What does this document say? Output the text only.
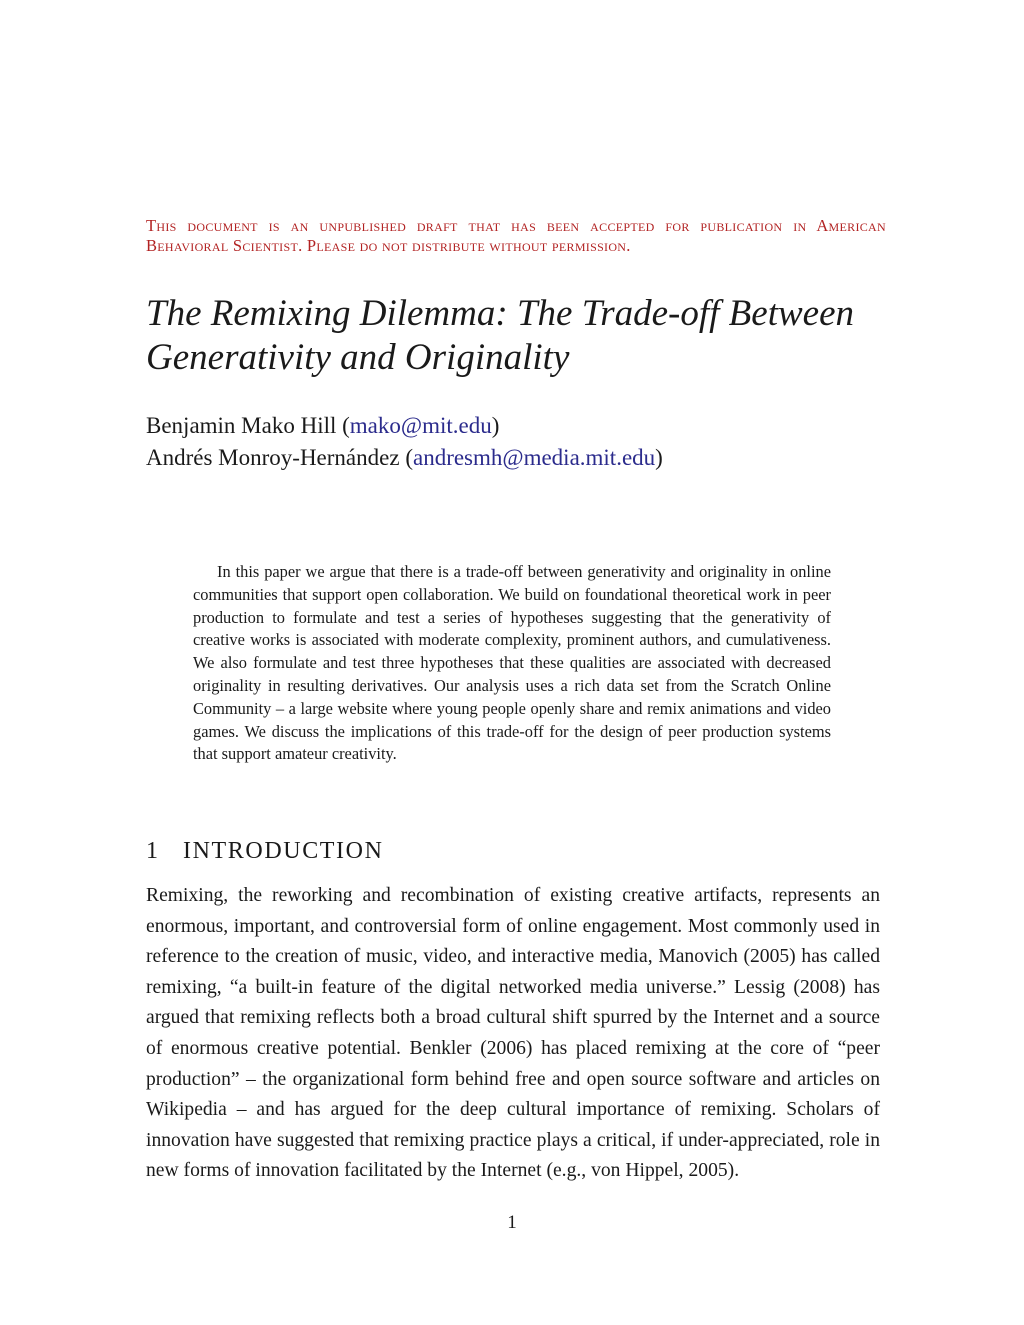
This document is an unpublished draft that has been accepted for publication in American Behavioral Scientist. Please do not distribute without permission.
The Remixing Dilemma: The Trade-off Between
Generativity and Originality
Benjamin Mako Hill (mako@mit.edu)
Andrés Monroy-Hernández (andresmh@media.mit.edu)
In this paper we argue that there is a trade-off between generativity and originality in online communities that support open collaboration. We build on foundational theoretical work in peer production to formulate and test a series of hypotheses suggesting that the generativity of creative works is associated with moderate complexity, prominent authors, and cumulativeness. We also formulate and test three hypotheses that these qualities are associated with decreased originality in resulting derivatives. Our analysis uses a rich data set from the Scratch Online Community – a large website where young people openly share and remix animations and video games. We discuss the implications of this trade-off for the design of peer production systems that support amateur creativity.
1 INTRODUCTION
Remixing, the reworking and recombination of existing creative artifacts, represents an enormous, important, and controversial form of online engagement. Most commonly used in reference to the creation of music, video, and interactive media, Manovich (2005) has called remixing, “a built-in feature of the digital networked media universe.” Lessig (2008) has argued that remixing reflects both a broad cultural shift spurred by the Internet and a source of enormous creative potential. Benkler (2006) has placed remixing at the core of “peer production” – the organizational form behind free and open source software and articles on Wikipedia – and has argued for the deep cultural importance of remixing. Scholars of innovation have suggested that remixing practice plays a critical, if under-appreciated, role in new forms of innovation facilitated by the Internet (e.g., von Hippel, 2005).
1
